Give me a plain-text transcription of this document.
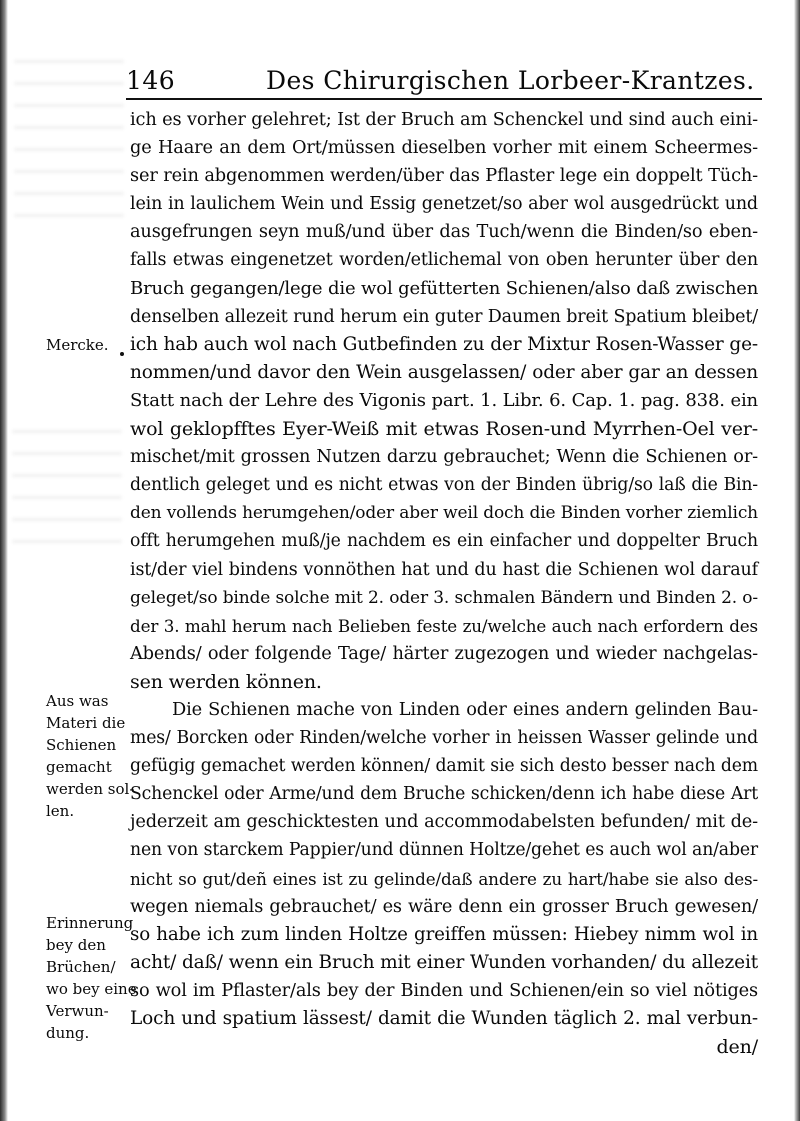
146	Des Chirurgischen Lorbeer-Krantzes.
Mercke.
Aus was
Materi die
Schienen
gemacht
werden sol-
len.
Erinnerung
bey den
Brüchen/
wo bey eine
Verwun-
dung.
ich es vorher gelehret; Ist der Bruch am Schenckel und sind auch eini-
ge Haare an dem Ort/müssen dieselben vorher mit einem Scheermes-
ser rein abgenommen werden/über das Pflaster lege ein doppelt Tüch-
lein in laulichem Wein und Essig genetzet/so aber wol ausgedrückt und
ausgefrungen seyn muß/und über das Tuch/wenn die Binden/so eben-
falls etwas eingenetzet worden/etlichemal von oben herunter über den
Bruch gegangen/lege die wol gefütterten Schienen/also daß zwischen
denselben allezeit rund herum ein guter Daumen breit Spatium bleibet/
ich hab auch wol nach Gutbefinden zu der Mixtur Rosen-Wasser ge-
nommen/und davor den Wein ausgelassen/ oder aber gar an dessen
Statt nach der Lehre des Vigonis part. 1. Libr. 6. Cap. 1. pag. 838. ein
wol geklopfftes Eyer-Weiß mit etwas Rosen-und Myrrhen-Oel ver-
mischet/mit grossen Nutzen darzu gebrauchet; Wenn die Schienen or-
dentlich geleget und es nicht etwas von der Binden übrig/so laß die Bin-
den vollends herumgehen/oder aber weil doch die Binden vorher ziemlich
offt herumgehen muß/je nachdem es ein einfacher und doppelter Bruch
ist/der viel bindens vonnöthen hat und du hast die Schienen wol darauf
geleget/so binde solche mit 2. oder 3. schmalen Bändern und Binden 2. o-
der 3. mahl herum nach Belieben feste zu/welche auch nach erfordern des
Abends/ oder folgende Tage/ härter zugezogen und wieder nachgelas-
sen werden können.
Die Schienen mache von Linden oder eines andern gelinden Bau-
mes/ Borcken oder Rinden/welche vorher in heissen Wasser gelinde und
gefügig gemachet werden können/ damit sie sich desto besser nach dem
Schenckel oder Arme/und dem Bruche schicken/denn ich habe diese Art
jederzeit am geschicktesten und accommodabelsten befunden/ mit de-
nen von starckem Pappier/und dünnen Holtze/gehet es auch wol an/aber
nicht so gut/deñ eines ist zu gelinde/daß andere zu hart/habe sie also des-
wegen niemals gebrauchet/ es wäre denn ein grosser Bruch gewesen/
so habe ich zum linden Holtze greiffen müssen: Hiebey nimm wol in
acht/ daß/ wenn ein Bruch mit einer Wunden vorhanden/ du allezeit
so wol im Pflaster/als bey der Binden und Schienen/ein so viel nötiges
Loch und spatium lässest/ damit die Wunden täglich 2. mal verbun-
den/
